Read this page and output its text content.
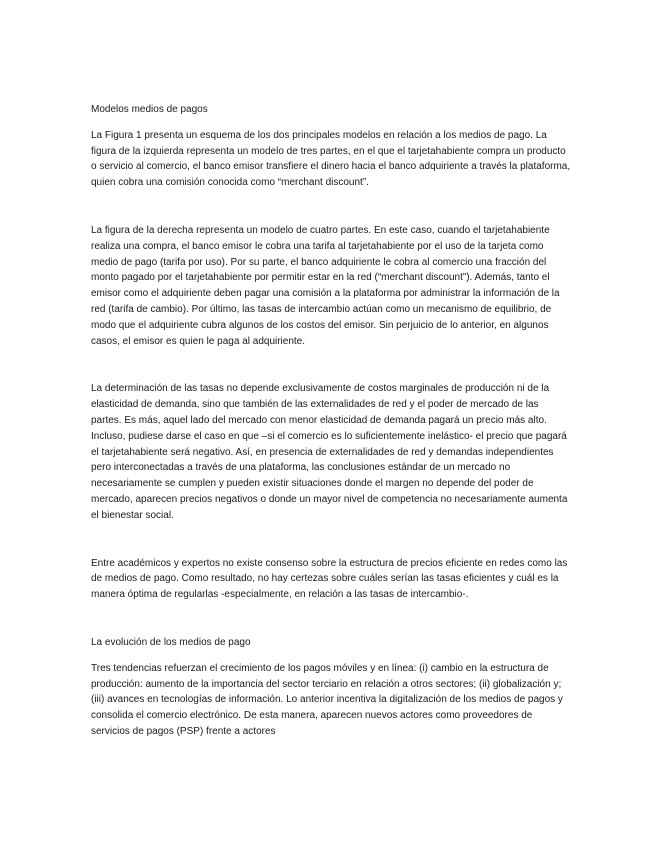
Modelos medios de pagos

La Figura 1 presenta un esquema de los dos principales modelos en relación a los medios de pago. La figura de la izquierda representa un modelo de tres partes, en el que el tarjetahabiente compra un producto o servicio al comercio, el banco emisor transfiere el dinero hacia el banco adquiriente a través la plataforma, quien cobra una comisión conocida como “merchant discount”.

La figura de la derecha representa un modelo de cuatro partes. En este caso, cuando el tarjetahabiente realiza una compra, el banco emisor le cobra una tarifa al tarjetahabiente por el uso de la tarjeta como medio de pago (tarifa por uso). Por su parte, el banco adquiriente le cobra al comercio una fracción del monto pagado por el tarjetahabiente por permitir estar en la red (“merchant discount”). Además, tanto el emisor como el adquiriente deben pagar una comisión a la plataforma por administrar la información de la red (tarifa de cambio). Por último, las tasas de intercambio actúan como un mecanismo de equilibrio, de modo que el adquiriente cubra algunos de los costos del emisor. Sin perjuicio de lo anterior, en algunos casos, el emisor es quien le paga al adquiriente.

La determinación de las tasas no depende exclusivamente de costos marginales de producción ni de la elasticidad de demanda, sino que también de las externalidades de red y el poder de mercado de las partes. Es más, aquel lado del mercado con menor elasticidad de demanda pagará un precio más alto. Incluso, pudiese darse el caso en que –si el comercio es lo suficientemente inelástico- el precio que pagará el tarjetahabiente será negativo. Así, en presencia de externalidades de red y demandas independientes pero interconectadas a través de una plataforma, las conclusiones estándar de un mercado no necesariamente se cumplen y pueden existir situaciones donde el margen no depende del poder de mercado, aparecen precios negativos o donde un mayor nivel de competencia no necesariamente aumenta el bienestar social.

Entre académicos y expertos no existe consenso sobre la estructura de precios eficiente en redes como las de medios de pago. Como resultado, no hay certezas sobre cuáles serían las tasas eficientes y cuál es la manera óptima de regularlas -especialmente, en relación a las tasas de intercambio-.

La evolución de los medios de pago

Tres tendencias refuerzan el crecimiento de los pagos móviles y en línea: (i) cambio en la estructura de producción: aumento de la importancia del sector terciario en relación a otros sectores; (ii) globalización y; (iii) avances en tecnologías de información. Lo anterior incentiva la digitalización de los medios de pagos y consolida el comercio electrónico. De esta manera, aparecen nuevos actores como proveedores de servicios de pagos (PSP) frente a actores
